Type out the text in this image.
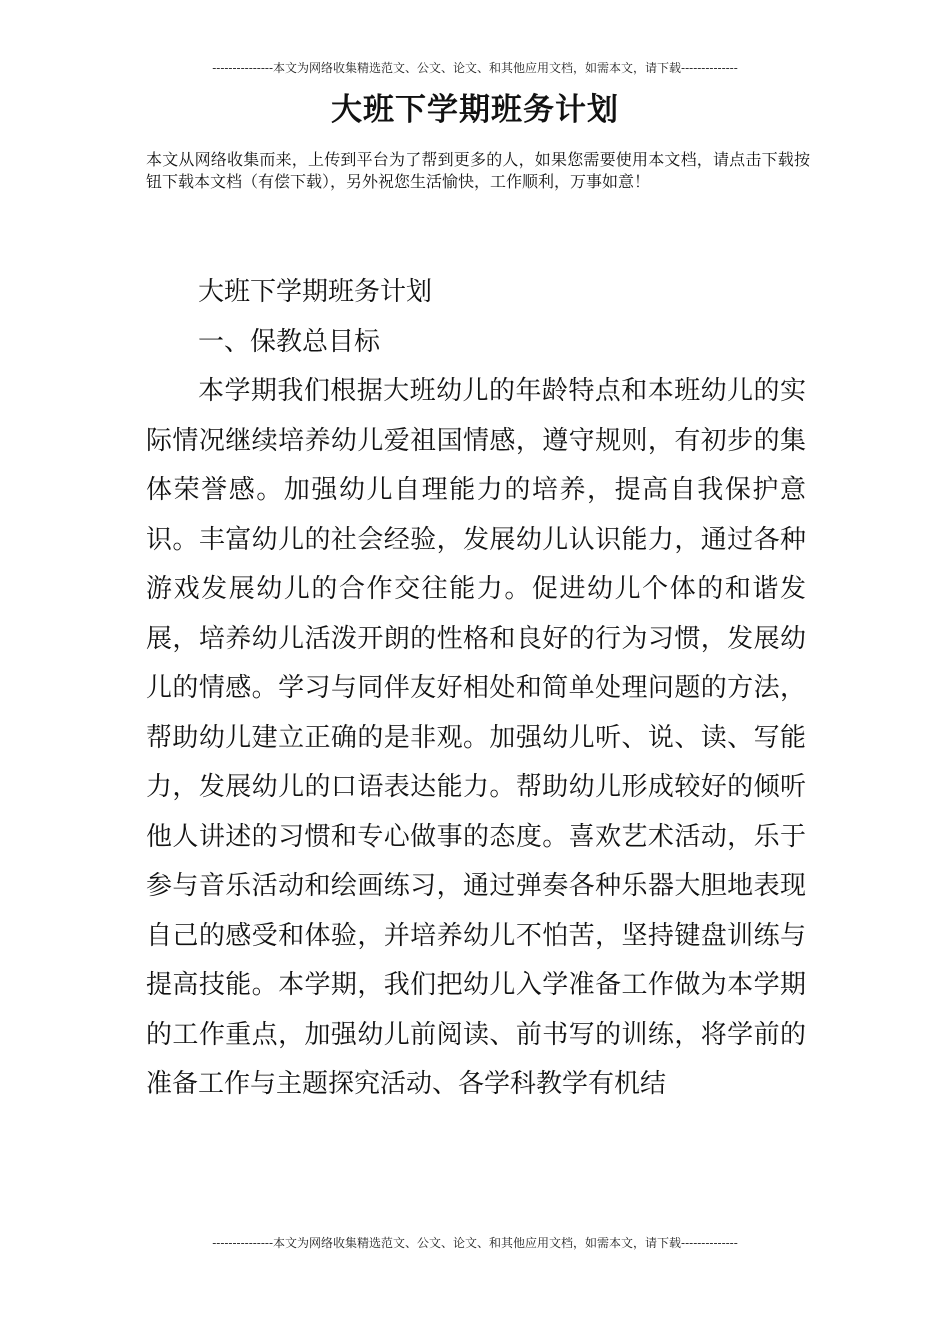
---------------本文为网络收集精选范文、公文、论文、和其他应用文档，如需本文，请下载--------------
大班下学期班务计划
本文从网络收集而来，上传到平台为了帮到更多的人，如果您需要使用本文档，请点击下载按钮下载本文档（有偿下载），另外祝您生活愉快，工作顺利，万事如意！

大班下学期班务计划

一、保教总目标

本学期我们根据大班幼儿的年龄特点和本班幼儿的实际情况继续培养幼儿爱祖国情感，遵守规则，有初步的集体荣誉感。加强幼儿自理能力的培养，提高自我保护意识。丰富幼儿的社会经验，发展幼儿认识能力，通过各种游戏发展幼儿的合作交往能力。促进幼儿个体的和谐发展，培养幼儿活泼开朗的性格和良好的行为习惯，发展幼儿的情感。学习与同伴友好相处和简单处理问题的方法，帮助幼儿建立正确的是非观。加强幼儿听、说、读、写能力，发展幼儿的口语表达能力。帮助幼儿形成较好的倾听他人讲述的习惯和专心做事的态度。喜欢艺术活动，乐于参与音乐活动和绘画练习，通过弹奏各种乐器大胆地表现自己的感受和体验，并培养幼儿不怕苦，坚持键盘训练与提高技能。本学期，我们把幼儿入学准备工作做为本学期的工作重点，加强幼儿前阅读、前书写的训练，将学前的准备工作与主题探究活动、各学科教学有机结

---------------本文为网络收集精选范文、公文、论文、和其他应用文档，如需本文，请下载--------------
